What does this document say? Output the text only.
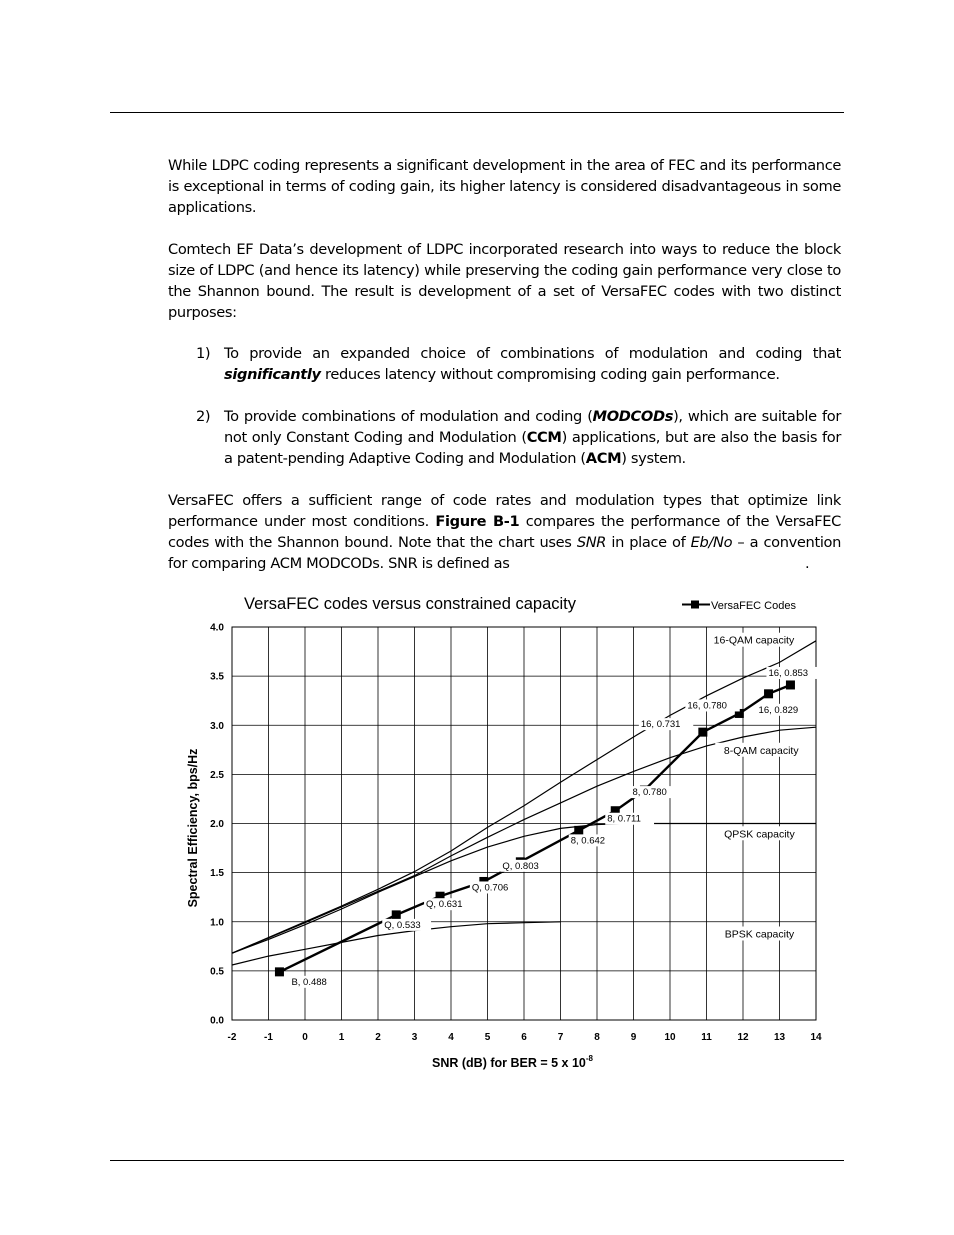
While LDPC coding represents a significant development in the area of FEC and its performance is exceptional in terms of coding gain, its higher latency is considered disadvantageous in some applications.
Comtech EF Data’s development of LDPC incorporated research into ways to reduce the block size of LDPC (and hence its latency) while preserving the coding gain performance very close to the Shannon bound. The result is development of a set of VersaFEC codes with two distinct purposes:
1) To provide an expanded choice of combinations of modulation and coding that significantly reduces latency without compromising coding gain performance.
2) To provide combinations of modulation and coding (MODCODs), which are suitable for not only Constant Coding and Modulation (CCM) applications, but are also the basis for a patent-pending Adaptive Coding and Modulation (ACM) system.
VersaFEC offers a sufficient range of code rates and modulation types that optimize link performance under most conditions. Figure B-1 compares the performance of the VersaFEC codes with the Shannon bound. Note that the chart uses SNR in place of Eb/No – a convention for comparing ACM MODCODs. SNR is defined as	.
VersaFEC codes versus constrained capacity	VersaFEC Codes
-2	-1	0	1	2	3	4	5	6	7	8	9	10	11	12	13	14
0.0
0.5
1.0
1.5
2.0
2.5
3.0
3.5
4.0
16-QAM capacity
8-QAM capacity
QPSK capacity
BPSK capacity
B, 0.488
Q, 0.533
Q, 0.631
Q, 0.706
Q, 0.803
8, 0.642
8, 0.711
8, 0.780
16, 0.731
16, 0.780	16, 0.829
16, 0.853
Spectral Efficiency, bps/Hz
SNR (dB) for BER = 5 x $10^{-8}$
